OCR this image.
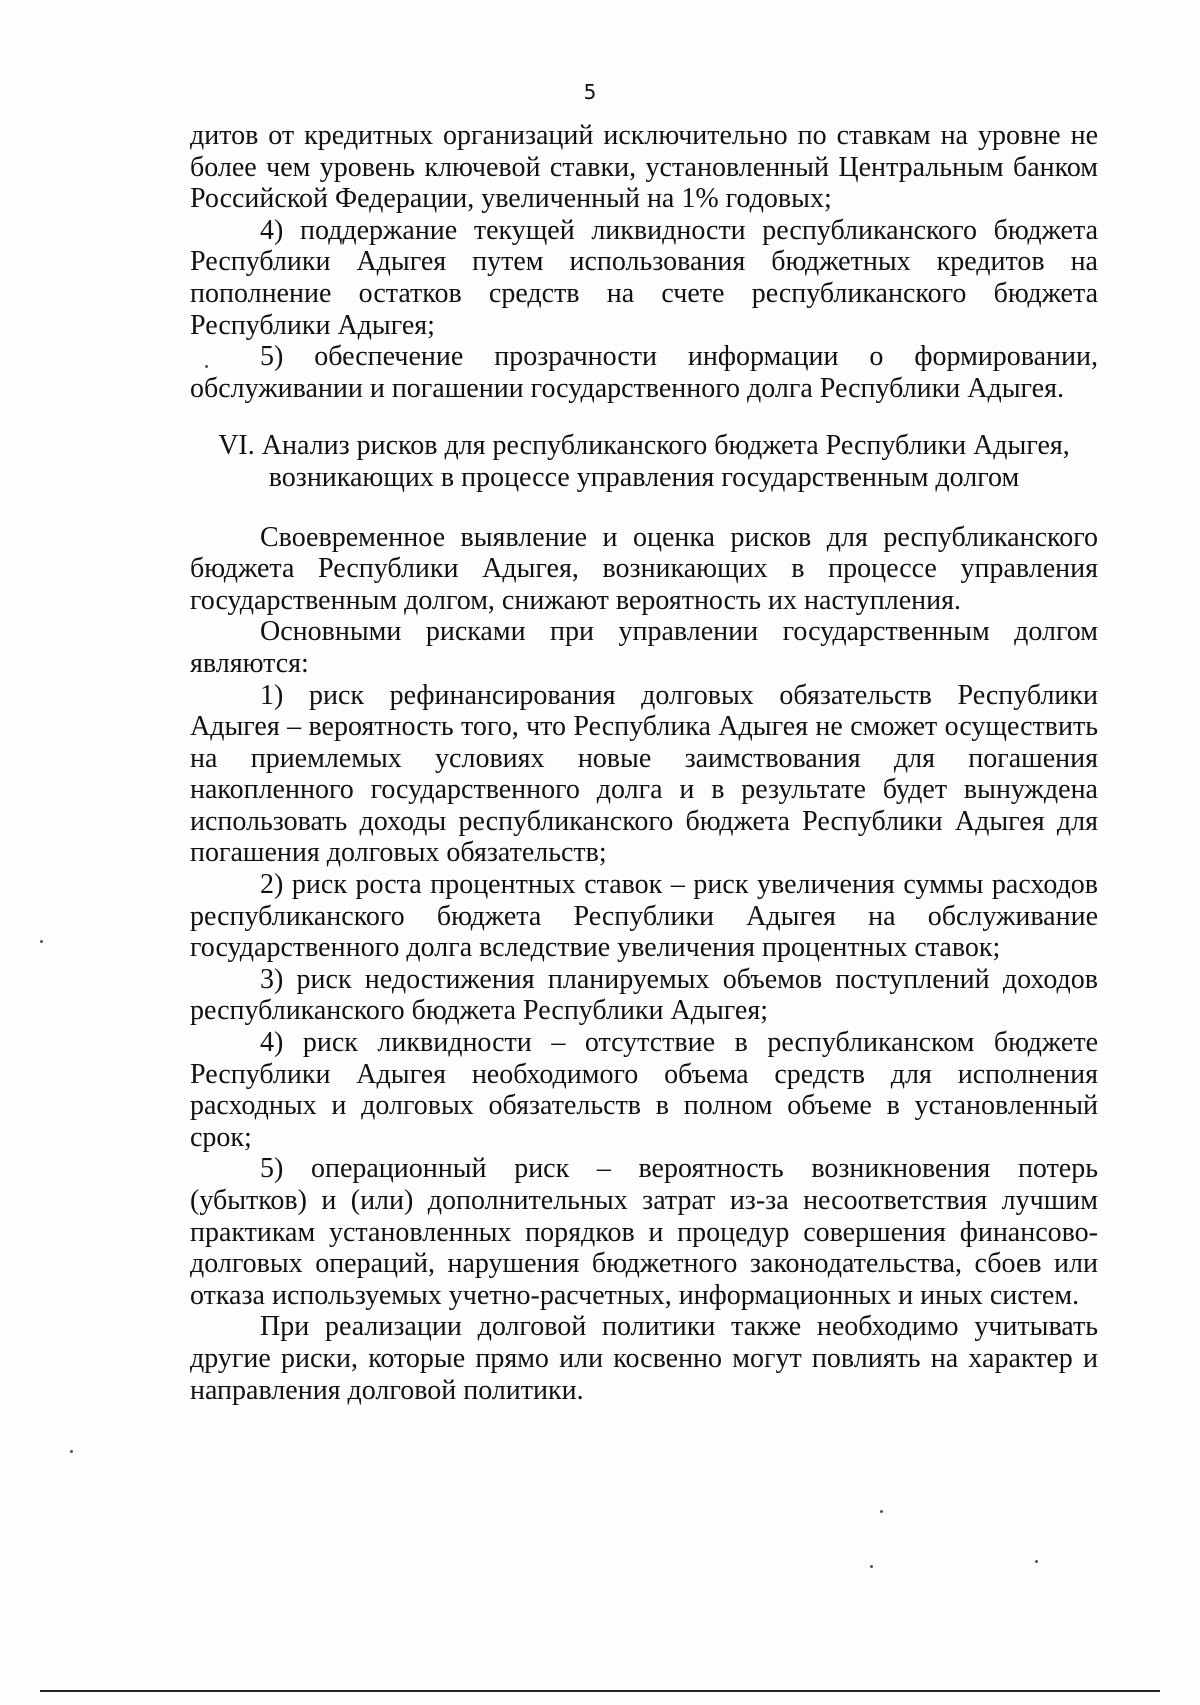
5

дитов от кредитных организаций исключительно по ставкам на уровне не более чем уровень ключевой ставки, установленный Центральным банком Российской Федерации, увеличенный на 1% годовых;

4) поддержание текущей ликвидности республиканского бюджета Республики Адыгея путем использования бюджетных кредитов на пополнение остатков средств на счете республиканского бюджета Республики Адыгея;

5) обеспечение прозрачности информации о формировании, обслуживании и погашении государственного долга Республики Адыгея.

VI. Анализ рисков для республиканского бюджета Республики Адыгея,
возникающих в процессе управления государственным долгом

Своевременное выявление и оценка рисков для республиканского бюджета Республики Адыгея, возникающих в процессе управления государственным долгом, снижают вероятность их наступления.

Основными рисками при управлении государственным долгом являются:

1) риск рефинансирования долговых обязательств Республики Адыгея – вероятность того, что Республика Адыгея не сможет осуществить на приемлемых условиях новые заимствования для погашения накопленного государственного долга и в результате будет вынуждена использовать доходы республиканского бюджета Республики Адыгея для погашения долговых обязательств;

2) риск роста процентных ставок – риск увеличения суммы расходов республиканского бюджета Республики Адыгея на обслуживание государственного долга вследствие увеличения процентных ставок;

3) риск недостижения планируемых объемов поступлений доходов республиканского бюджета Республики Адыгея;

4) риск ликвидности – отсутствие в республиканском бюджете Республики Адыгея необходимого объема средств для исполнения расходных и долговых обязательств в полном объеме в установленный срок;

5) операционный риск – вероятность возникновения потерь (убытков) и (или) дополнительных затрат из-за несоответствия лучшим практикам установленных порядков и процедур совершения финансово-долговых операций, нарушения бюджетного законодательства, сбоев или отказа используемых учетно-расчетных, информационных и иных систем.

При реализации долговой политики также необходимо учитывать другие риски, которые прямо или косвенно могут повлиять на характер и направления долговой политики.
